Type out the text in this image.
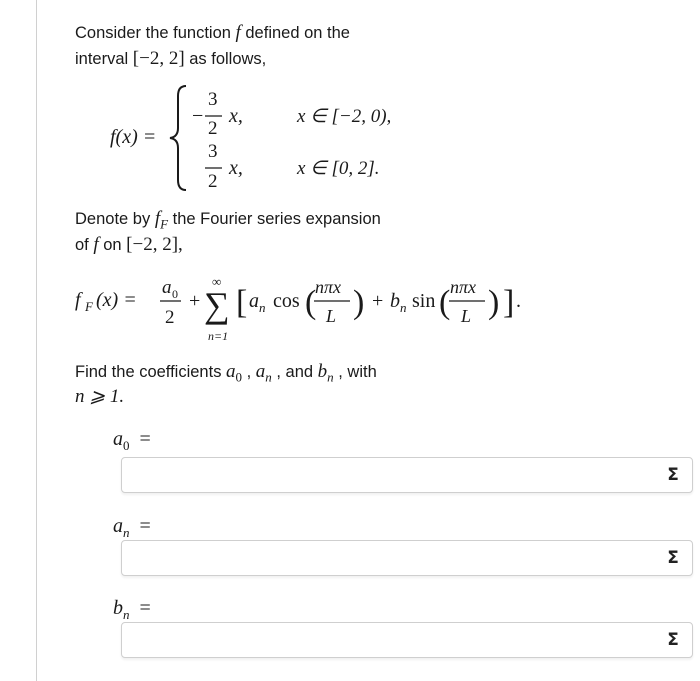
Consider the function f defined on the
interval [−2, 2] as follows,
f(x) =
−
3
2
x,	x ∈ [−2, 0),
3
2
x,	x ∈ [0, 2].
f F (x) =
a 0
2
+
∞
∑
n=1
[ a n cos (
nπx
L ) + b n sin ( nπx
L ) ] .
Denote by $f_F$ the Fourier series expansion
of f on [−2, 2],
Find the coefficients $a_0$ , $a_n$ , and $b_n$ , with
n ⩾ 1.
$a_0$ =
Σ
$a_n$ =
Σ
$b_n$ =
Σ
